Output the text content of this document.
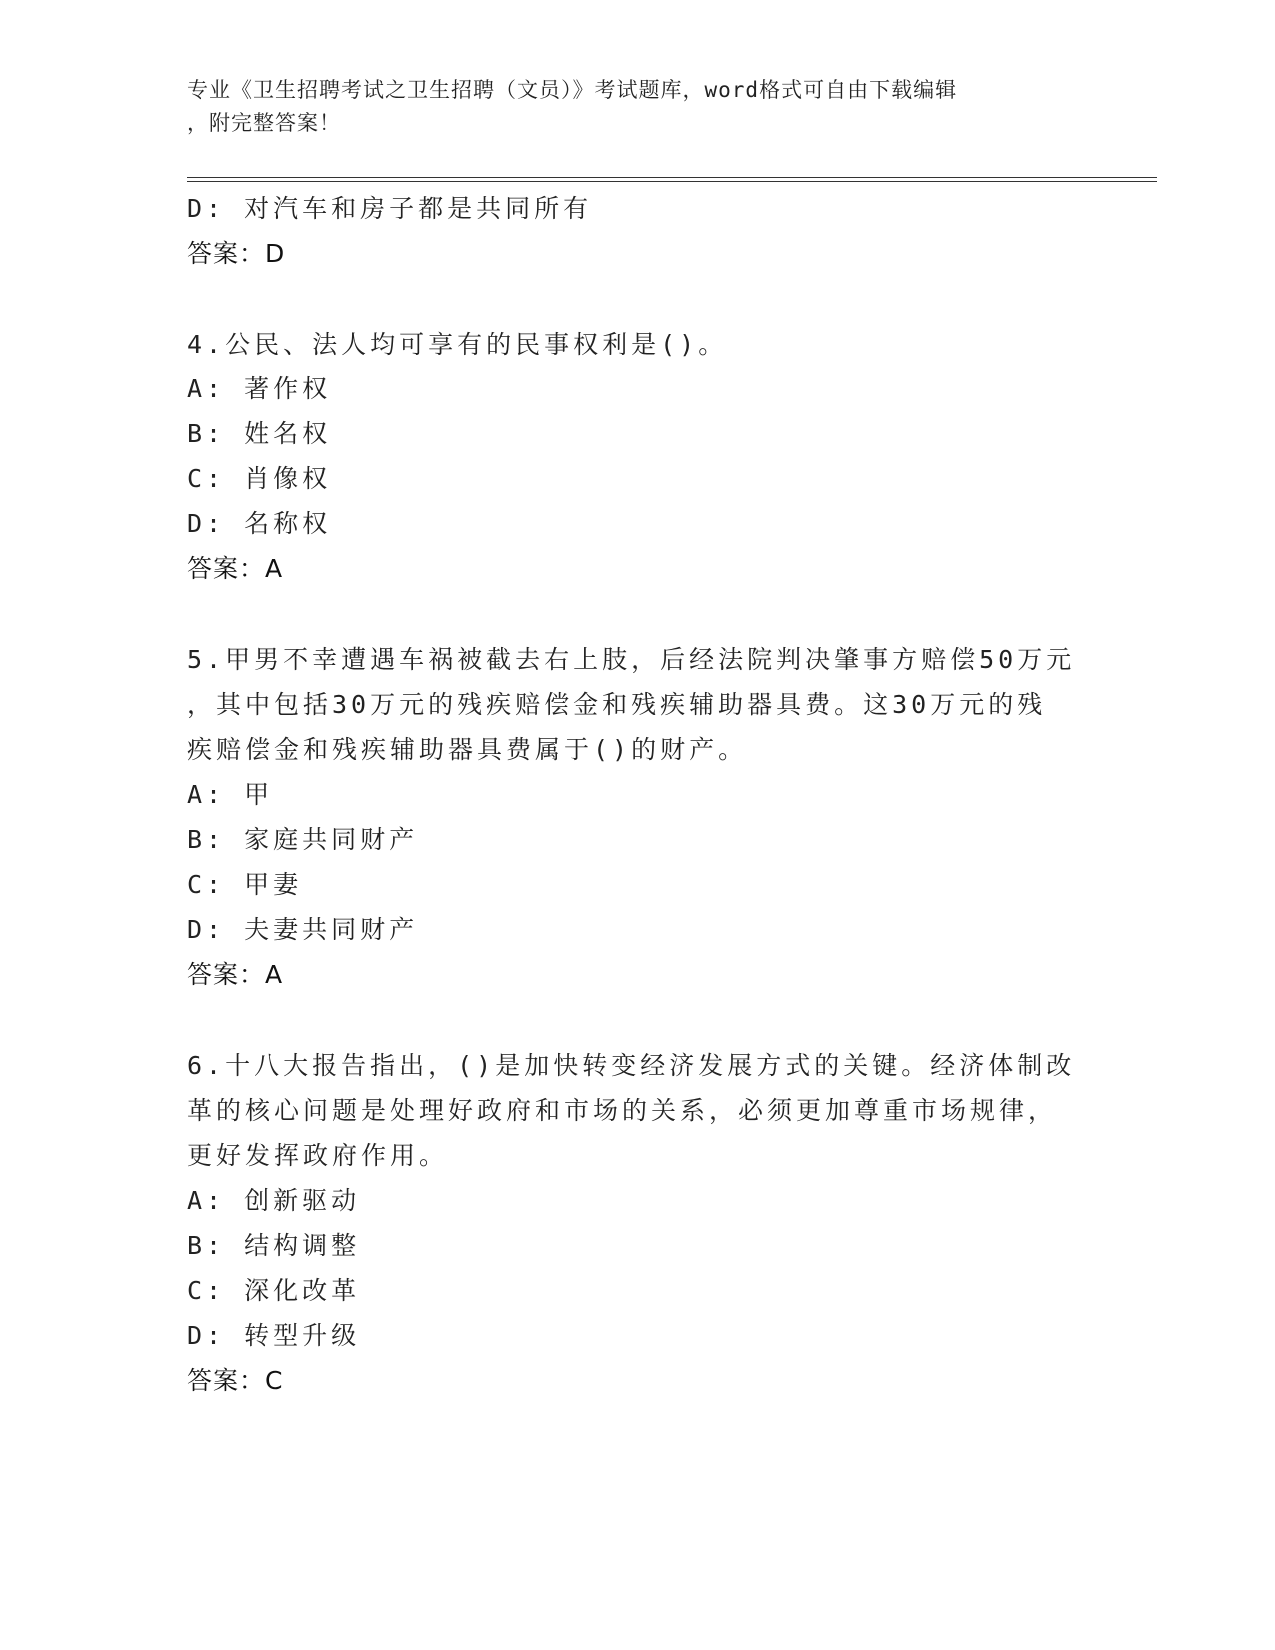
专业《卫生招聘考试之卫生招聘（文员）》考试题库，word格式可自由下载编辑
，附完整答案！
D: 对汽车和房子都是共同所有
答案：D
4.公民、法人均可享有的民事权利是()。
A: 著作权
B: 姓名权
C: 肖像权
D: 名称权
答案：A
5.甲男不幸遭遇车祸被截去右上肢，后经法院判决肇事方赔偿50万元
，其中包括30万元的残疾赔偿金和残疾辅助器具费。这30万元的残
疾赔偿金和残疾辅助器具费属于()的财产。
A: 甲
B: 家庭共同财产
C: 甲妻
D: 夫妻共同财产
答案：A
6.十八大报告指出，()是加快转变经济发展方式的关键。经济体制改
革的核心问题是处理好政府和市场的关系，必须更加尊重市场规律，
更好发挥政府作用。
A: 创新驱动
B: 结构调整
C: 深化改革
D: 转型升级
答案：C
